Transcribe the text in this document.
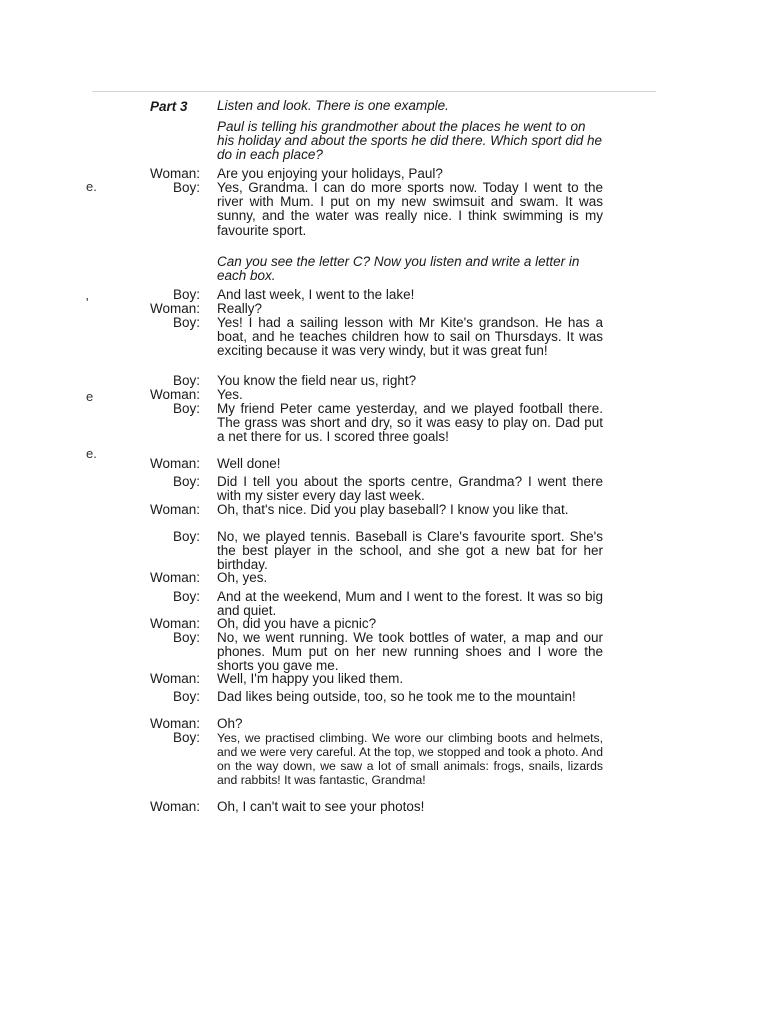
e.
'
e
e.
Part 3 Listen and look. There is one example.
Paul is telling his grandmother about the places he went to on his holiday and about the sports he did there. Which sport did he do in each place?
Woman: Are you enjoying your holidays, Paul?
Boy: Yes, Grandma. I can do more sports now. Today I went to the river with Mum. I put on my new swimsuit and swam. It was sunny, and the water was really nice. I think swimming is my favourite sport.
Can you see the letter C? Now you listen and write a letter in each box.
Boy: And last week, I went to the lake!
Woman: Really?
Boy: Yes! I had a sailing lesson with Mr Kite's grandson. He has a boat, and he teaches children how to sail on Thursdays. It was exciting because it was very windy, but it was great fun!
Boy: You know the field near us, right?
Woman: Yes.
Boy: My friend Peter came yesterday, and we played football there. The grass was short and dry, so it was easy to play on. Dad put a net there for us. I scored three goals!
Woman: Well done!
Boy: Did I tell you about the sports centre, Grandma? I went there with my sister every day last week.
Woman: Oh, that's nice. Did you play baseball? I know you like that.
Boy: No, we played tennis. Baseball is Clare's favourite sport. She's the best player in the school, and she got a new bat for her birthday.
Woman: Oh, yes.
Boy: And at the weekend, Mum and I went to the forest. It was so big and quiet.
Woman: Oh, did you have a picnic?
Boy: No, we went running. We took bottles of water, a map and our phones. Mum put on her new running shoes and I wore the shorts you gave me.
Woman: Well, I'm happy you liked them.
Boy: Dad likes being outside, too, so he took me to the mountain!
Woman: Oh?
Boy: Yes, we practised climbing. We wore our climbing boots and helmets, and we were very careful. At the top, we stopped and took a photo. And on the way down, we saw a lot of small animals: frogs, snails, lizards and rabbits! It was fantastic, Grandma!
Woman: Oh, I can't wait to see your photos!
